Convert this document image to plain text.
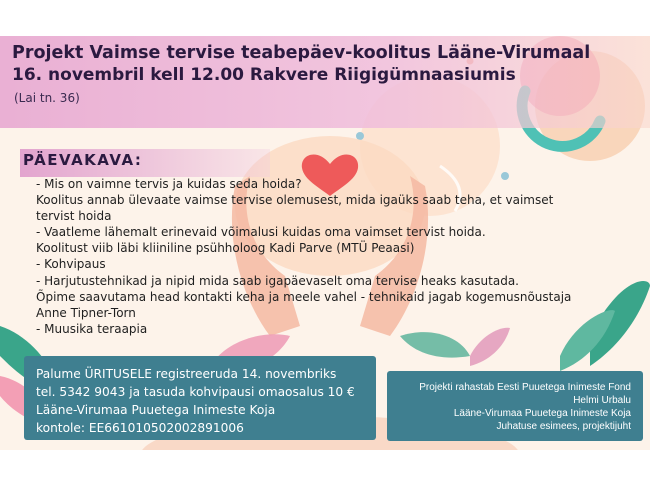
Projekt Vaimse tervise teabepäev-koolitus Lääne-Virumaal
16. novembril kell 12.00 Rakvere Riigigümnaasiumis
(Lai tn. 36)
PÄEVAKAVA:
- Mis on vaimne tervis ja kuidas seda hoida?
Koolitus annab ülevaate vaimse tervise olemusest, mida igaüks saab teha, et vaimset
tervist hoida
- Vaatleme lähemalt erinevaid võimalusi kuidas oma vaimset tervist hoida.
Koolitust viib läbi kliiniline psühholoog Kadi Parve (MTÜ Peaasi)
- Kohvipaus
- Harjutustehnikad ja nipid mida saab igapäevaselt oma tervise heaks kasutada.
Õpime saavutama head kontakti keha ja meele vahel - tehnikaid jagab kogemusnõustaja
Anne Tipner-Torn
- Muusika teraapia
Palume ÜRITUSELE registreeruda 14. novembriks
tel. 5342 9043 ja tasuda kohvipausi omaosalus 10 €
Lääne-Virumaa Puuetega Inimeste Koja
kontole: EE661010502002891006
Projekti rahastab Eesti Puuetega Inimeste Fond
Helmi Urbalu
Lääne-Virumaa Puuetega Inimeste Koja
Juhatuse esimees, projektijuht
